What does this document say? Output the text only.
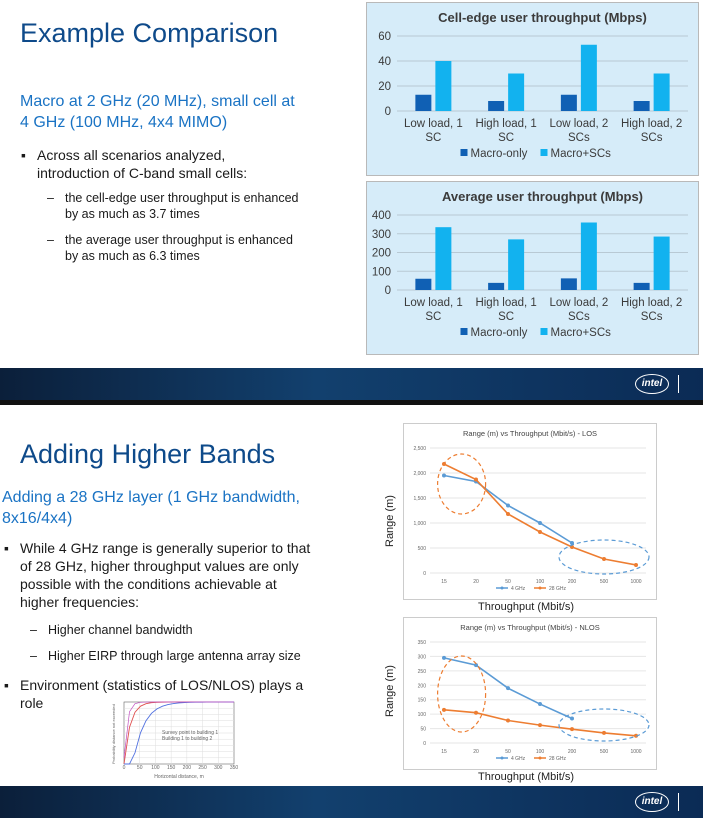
Example Comparison
Macro at 2 GHz (20 MHz), small cell at
4 GHz (100 MHz, 4x4 MIMO)
▪ Across all scenarios analyzed,
introduction of C-band small cells:
– the cell-edge user throughput is enhanced
by as much as 3.7 times
– the average user throughput is enhanced
by as much as 6.3 times
Cell-edge user throughput (Mbps)
0
20
40
60
Low load, 1
SC
High load, 1
SC
Low load, 2
SCs
High load, 2
SCs
Macro-only Macro+SCs
Average user throughput (Mbps)
0
100
200
300
400
Low load, 1
SC
High load, 1
SC
Low load, 2
SCs
High load, 2
SCs
Macro-only Macro+SCs
intel
Adding Higher Bands
Adding a 28 GHz layer (1 GHz bandwidth,
8x16/4x4)
▪ While 4 GHz range is generally superior to that
of 28 GHz, higher throughput values are only
possible with the conditions achievable at
higher frequencies:
– Higher channel bandwidth
– Higher EIRP through large antenna array size
▪ Environment (statistics of LOS/NLOS) plays a
role
Range (m) vs Throughput (Mbit/s) - LOS
0
500
1,000
1,500
2,000
2,500
15	20	50	100	200	500	1000
4 GHz	28 GHz
Range (m) vs Throughput (Mbit/s) - NLOS
0
50
100
150
200
250
300
350
15	20	50	100	200	500	1000
4 GHz	28 GHz
Range (m)
Range (m)
Throughput (Mbit/s)
Throughput (Mbit/s)
intel
Survey point to building 1
Building 1 to building 2
0 50 100 150 200 250 300 350
Horizontal distance, m
Probability distance not exceeded
